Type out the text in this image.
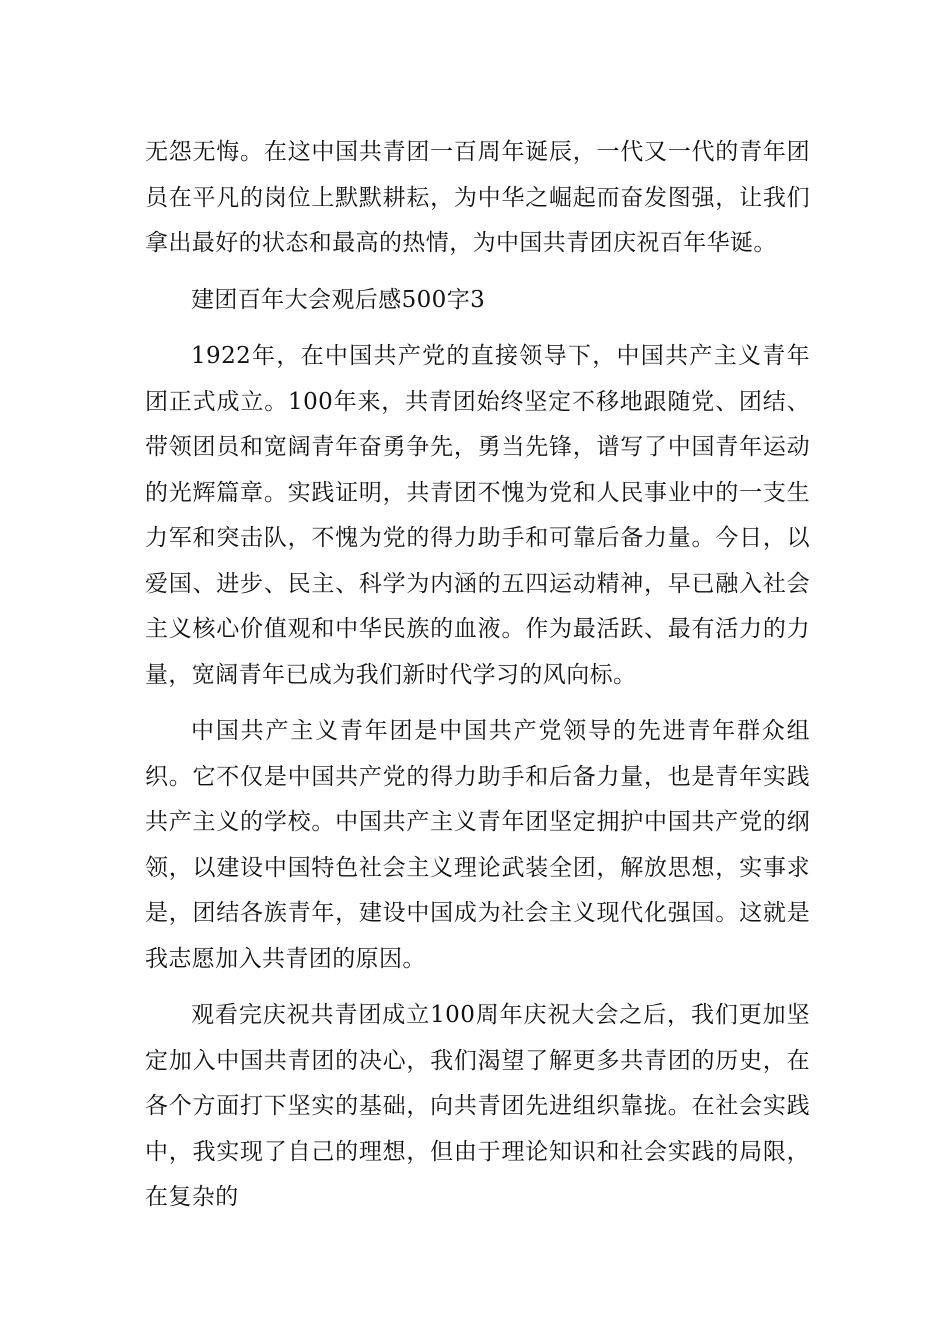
无怨无悔。在这中国共青团一百周年诞辰，一代又一代的青年团员在平凡的岗位上默默耕耘，为中华之崛起而奋发图强，让我们拿出最好的状态和最高的热情，为中国共青团庆祝百年华诞。

建团百年大会观后感500字3

1922年，在中国共产党的直接领导下，中国共产主义青年团正式成立。100年来，共青团始终坚定不移地跟随党、团结、带领团员和宽阔青年奋勇争先，勇当先锋，谱写了中国青年运动的光辉篇章。实践证明，共青团不愧为党和人民事业中的一支生力军和突击队，不愧为党的得力助手和可靠后备力量。今日，以爱国、进步、民主、科学为内涵的五四运动精神，早已融入社会主义核心价值观和中华民族的血液。作为最活跃、最有活力的力量，宽阔青年已成为我们新时代学习的风向标。

中国共产主义青年团是中国共产党领导的先进青年群众组织。它不仅是中国共产党的得力助手和后备力量，也是青年实践共产主义的学校。中国共产主义青年团坚定拥护中国共产党的纲领，以建设中国特色社会主义理论武装全团，解放思想，实事求是，团结各族青年，建设中国成为社会主义现代化强国。这就是我志愿加入共青团的原因。

观看完庆祝共青团成立100周年庆祝大会之后，我们更加坚定加入中国共青团的决心，我们渴望了解更多共青团的历史，在各个方面打下坚实的基础，向共青团先进组织靠拢。在社会实践中，我实现了自己的理想，但由于理论知识和社会实践的局限，在复杂的
